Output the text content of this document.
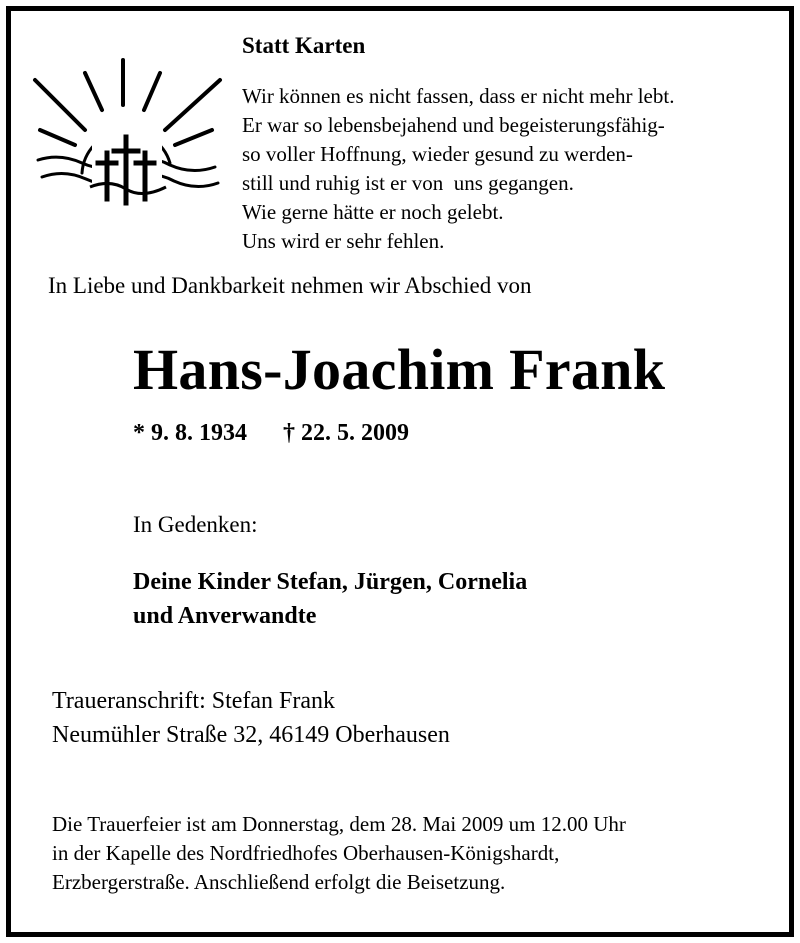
Statt Karten
Wir können es nicht fassen, dass er nicht mehr lebt.
Er war so lebensbejahend und begeisterungsfähig-
so voller Hoffnung, wieder gesund zu werden-
still und ruhig ist er von  uns gegangen.
Wie gerne hätte er noch gelebt.
Uns wird er sehr fehlen.
In Liebe und Dankbarkeit nehmen wir Abschied von
Hans-Joachim Frank
* 9. 8. 1934 † 22. 5. 2009
In Gedenken:
Deine Kinder Stefan, Jürgen, Cornelia
und Anverwandte
Traueranschrift: Stefan Frank
Neumühler Straße 32, 46149 Oberhausen
Die Trauerfeier ist am Donnerstag, dem 28. Mai 2009 um 12.00 Uhr
in der Kapelle des Nordfriedhofes Oberhausen-Königshardt,
Erzbergerstraße. Anschließend erfolgt die Beisetzung.
